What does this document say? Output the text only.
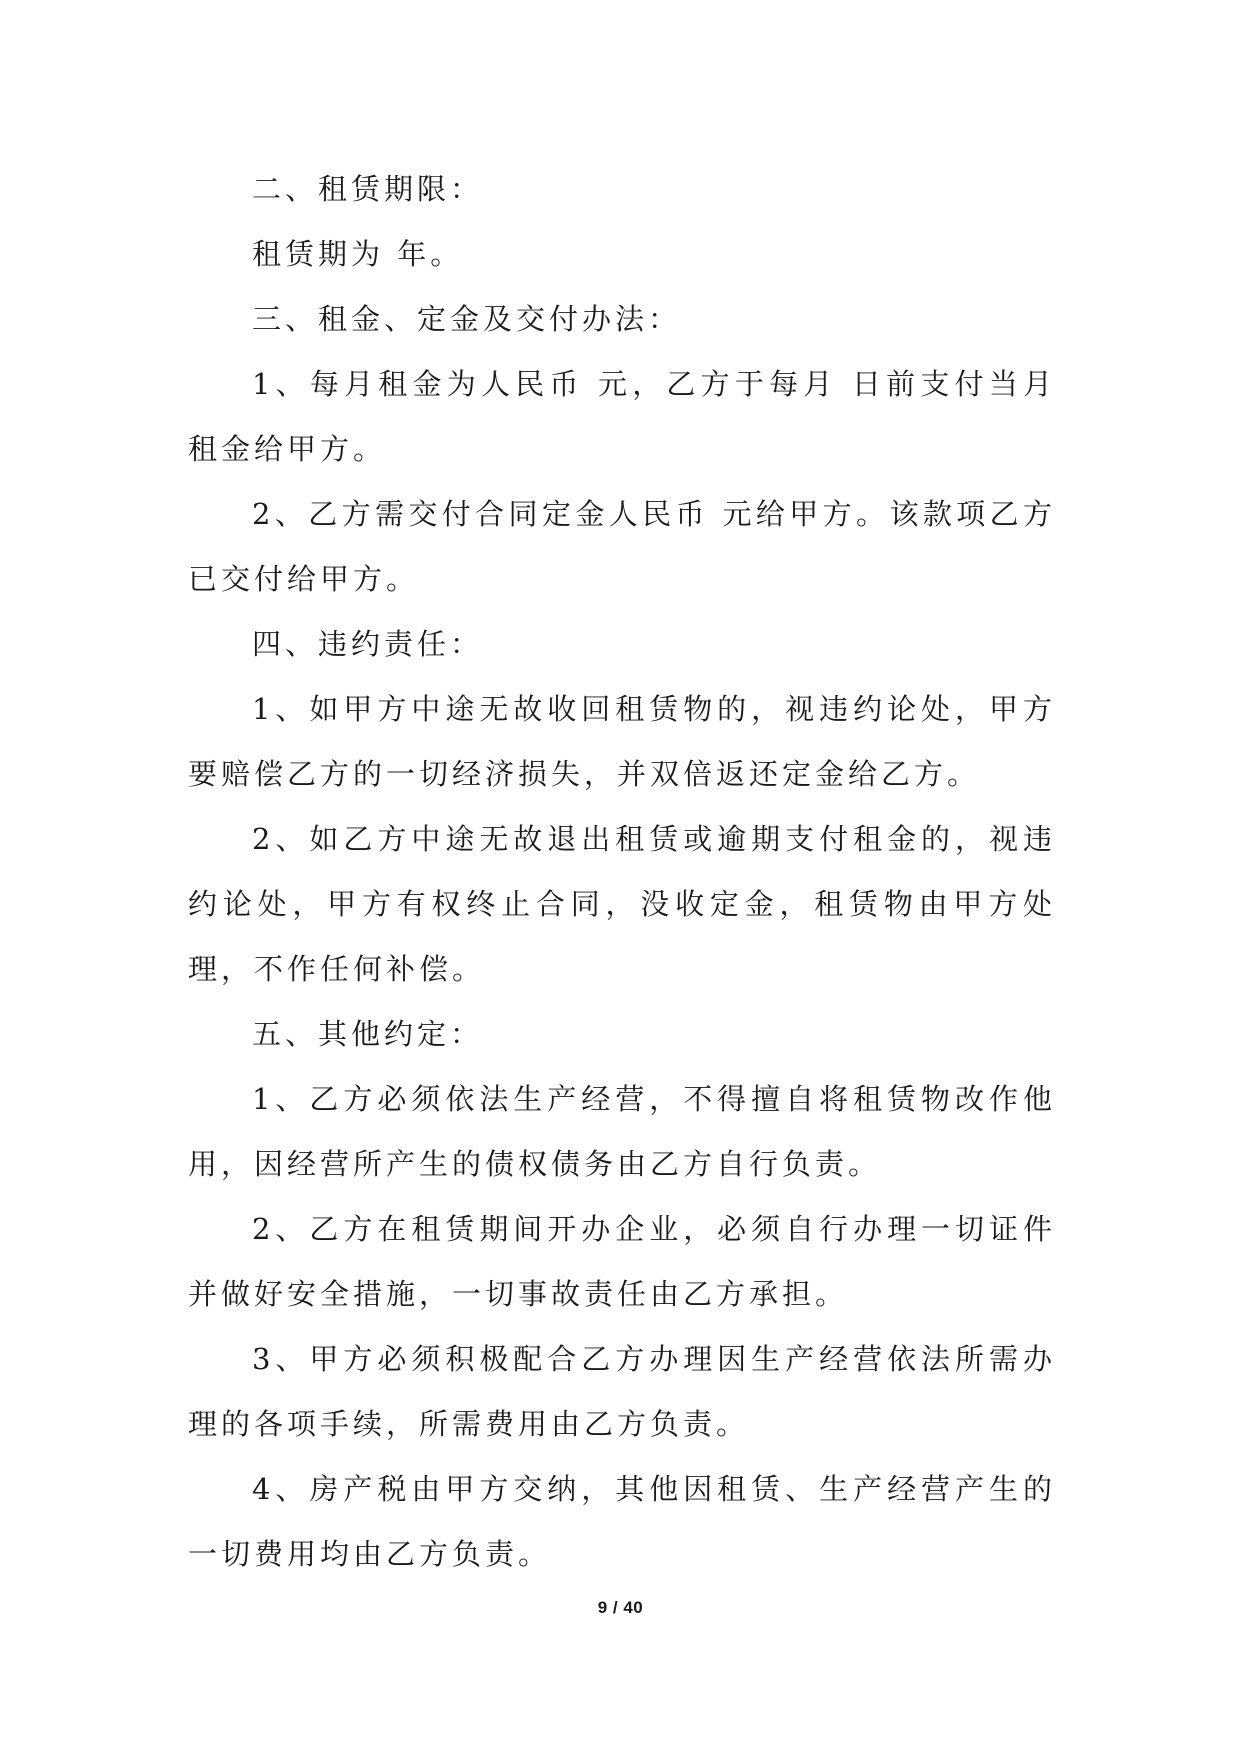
二、租赁期限：

租赁期为 年。

三、租金、定金及交付办法：

1、每月租金为人民币 元，乙方于每月 日前支付当月租金给甲方。

2、乙方需交付合同定金人民币 元给甲方。该款项乙方已交付给甲方。

四、违约责任：

1、如甲方中途无故收回租赁物的，视违约论处，甲方要赔偿乙方的一切经济损失，并双倍返还定金给乙方。

2、如乙方中途无故退出租赁或逾期支付租金的，视违约论处，甲方有权终止合同，没收定金，租赁物由甲方处理，不作任何补偿。

五、其他约定：

1、乙方必须依法生产经营，不得擅自将租赁物改作他用，因经营所产生的债权债务由乙方自行负责。

2、乙方在租赁期间开办企业，必须自行办理一切证件并做好安全措施，一切事故责任由乙方承担。

3、甲方必须积极配合乙方办理因生产经营依法所需办理的各项手续，所需费用由乙方负责。

4、房产税由甲方交纳，其他因租赁、生产经营产生的一切费用均由乙方负责。

9 / 40
